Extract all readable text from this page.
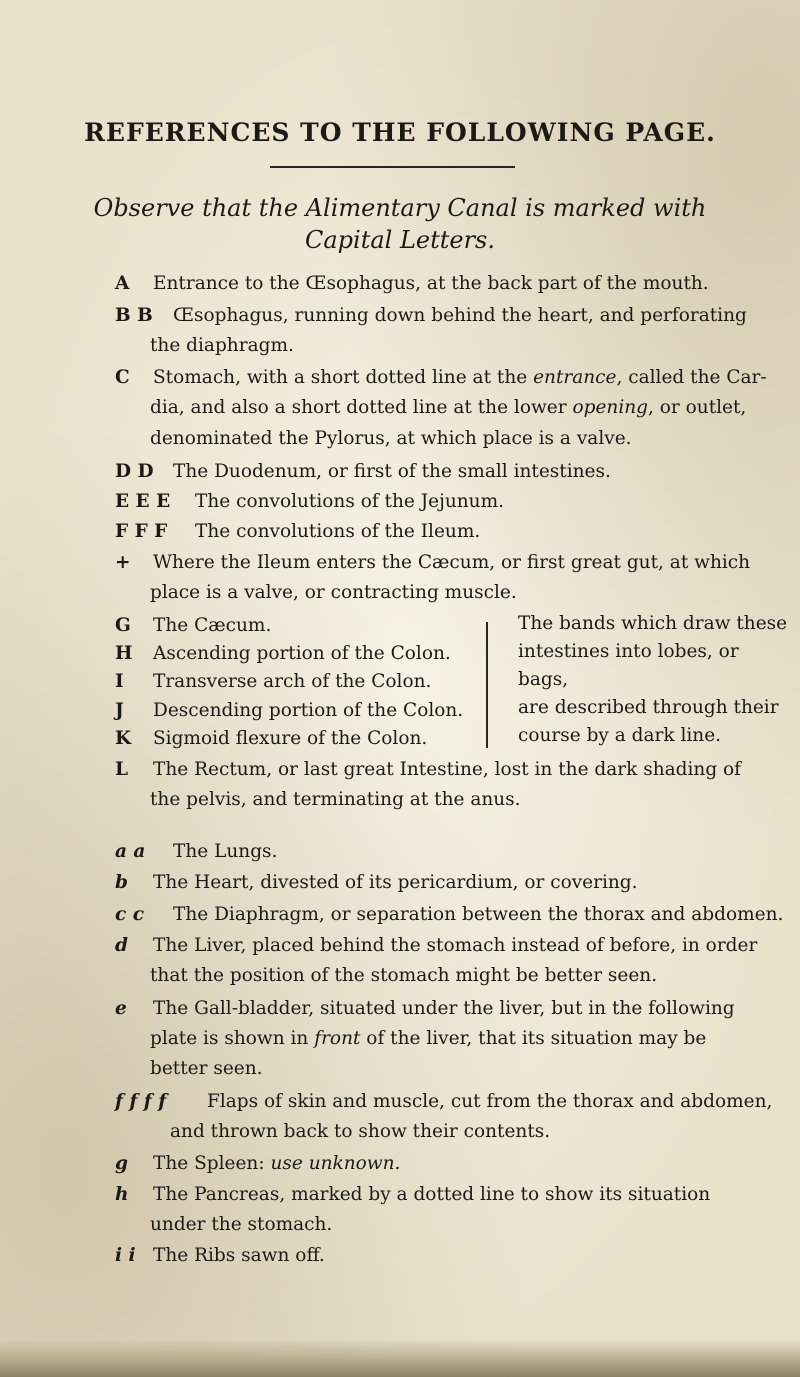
REFERENCES TO THE FOLLOWING PAGE.
Observe that the Alimentary Canal is marked with
Capital Letters.

A Entrance to the Œsophagus, at the back part of the mouth.

B B Œsophagus, running down behind the heart, and perforating

the diaphragm.

C Stomach, with a short dotted line at the entrance, called the Car-

dia, and also a short dotted line at the lower opening, or outlet,

denominated the Pylorus, at which place is a valve.

D D The Duodenum, or first of the small intestines.

E E E The convolutions of the Jejunum.

F F F The convolutions of the Ileum.

+ Where the Ileum enters the Cæcum, or first great gut, at which

place is a valve, or contracting muscle.

G The Cæcum.

H Ascending portion of the Colon.

I Transverse arch of the Colon.

J Descending portion of the Colon.

K Sigmoid flexure of the Colon.

The bands which draw these
intestines into lobes, or bags,
are described through their
course by a dark line.

L The Rectum, or last great Intestine, lost in the dark shading of

the pelvis, and terminating at the anus.

a a The Lungs.

b The Heart, divested of its pericardium, or covering.

c c The Diaphragm, or separation between the thorax and abdomen.

d The Liver, placed behind the stomach instead of before, in order

that the position of the stomach might be better seen.

e The Gall-bladder, situated under the liver, but in the following

plate is shown in front of the liver, that its situation may be

better seen.

f f f f Flaps of skin and muscle, cut from the thorax and abdomen,

and thrown back to show their contents.

g The Spleen: use unknown.

h The Pancreas, marked by a dotted line to show its situation

under the stomach.

i i The Ribs sawn off.
